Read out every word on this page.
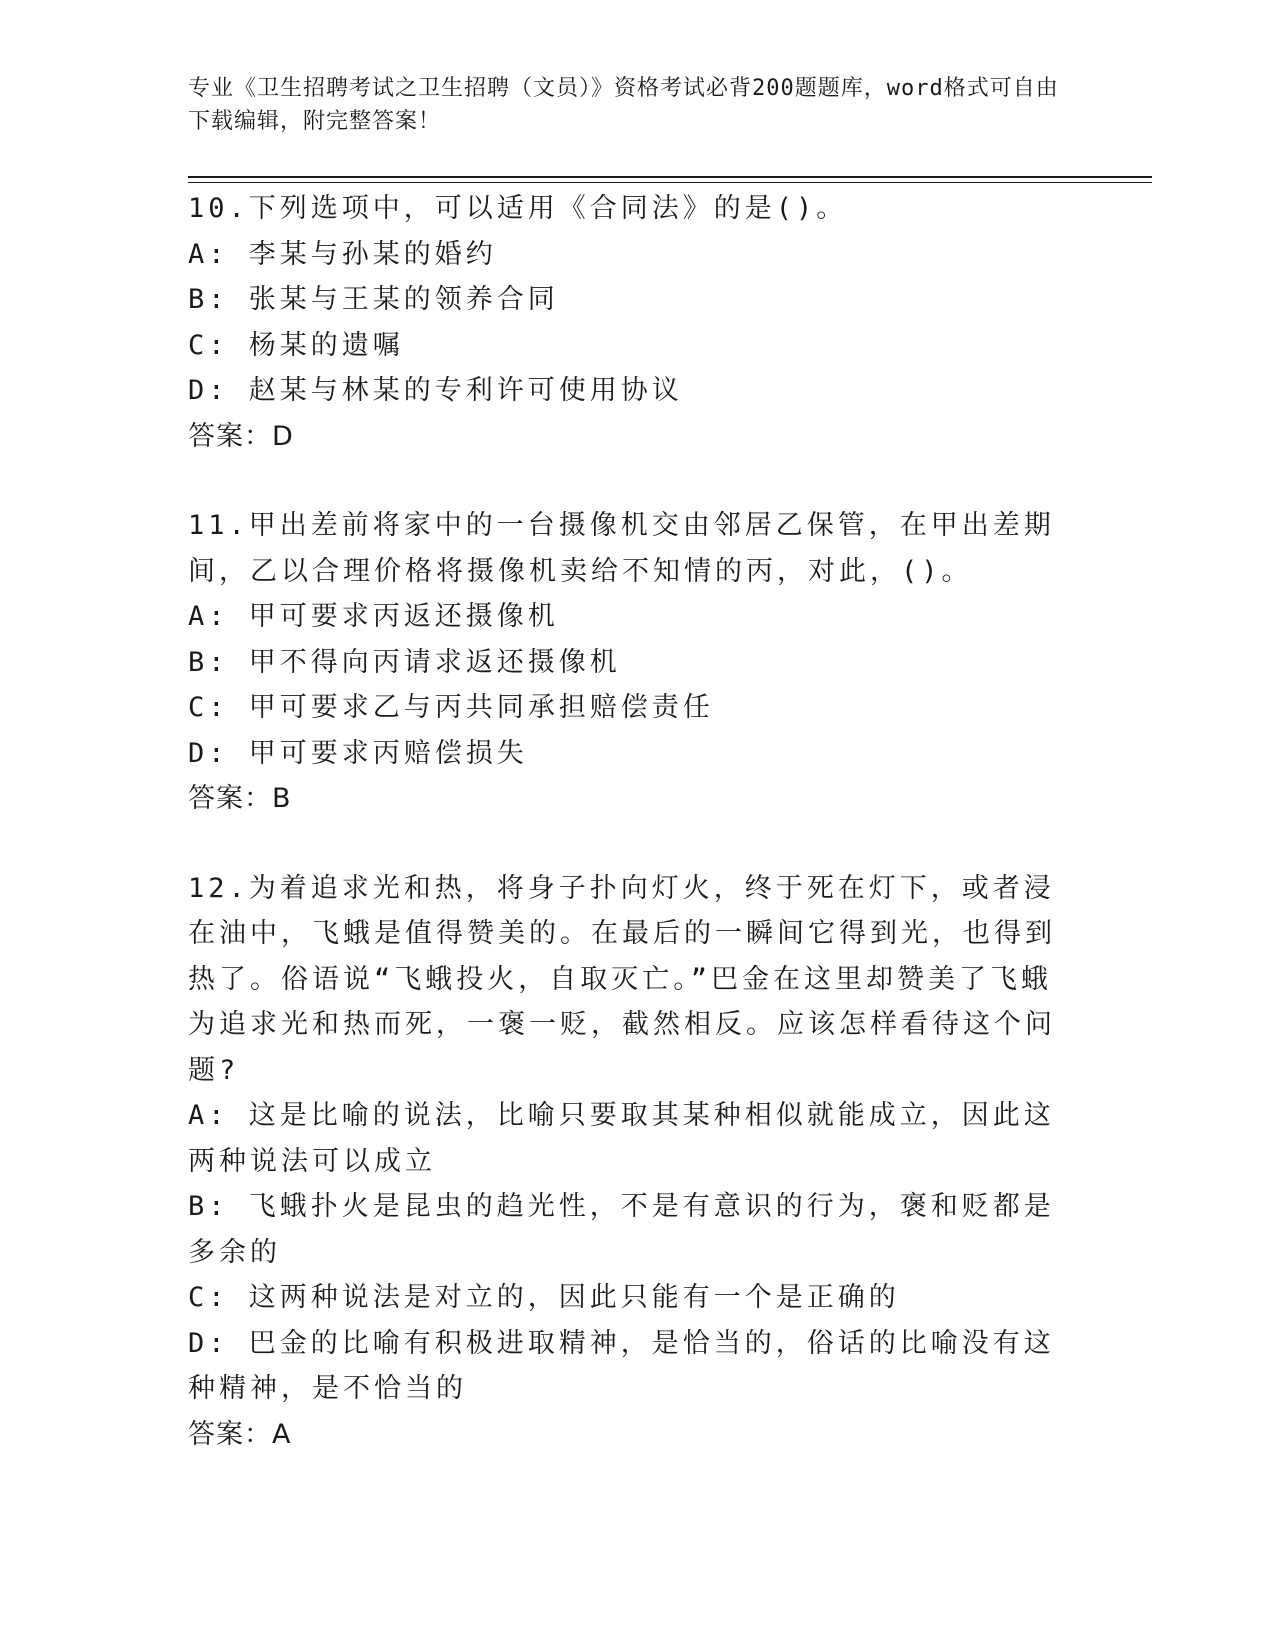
专业《卫生招聘考试之卫生招聘（文员）》资格考试必背200题题库，word格式可自由下载编辑，附完整答案！
10.下列选项中，可以适用《合同法》的是()。
A: 李某与孙某的婚约
B: 张某与王某的领养合同
C: 杨某的遗嘱
D: 赵某与林某的专利许可使用协议
答案：D
11.甲出差前将家中的一台摄像机交由邻居乙保管，在甲出差期间，乙以合理价格将摄像机卖给不知情的丙，对此，()。
A: 甲可要求丙返还摄像机
B: 甲不得向丙请求返还摄像机
C: 甲可要求乙与丙共同承担赔偿责任
D: 甲可要求丙赔偿损失
答案：B
12.为着追求光和热，将身子扑向灯火，终于死在灯下，或者浸在油中，飞蛾是值得赞美的。在最后的一瞬间它得到光，也得到热了。俗语说“飞蛾投火，自取灭亡。”巴金在这里却赞美了飞蛾为追求光和热而死，一褒一贬，截然相反。应该怎样看待这个问题?
A: 这是比喻的说法，比喻只要取其某种相似就能成立，因此这两种说法可以成立
B: 飞蛾扑火是昆虫的趋光性，不是有意识的行为，褒和贬都是多余的
C: 这两种说法是对立的，因此只能有一个是正确的
D: 巴金的比喻有积极进取精神，是恰当的，俗话的比喻没有这种精神，是不恰当的
答案：A
